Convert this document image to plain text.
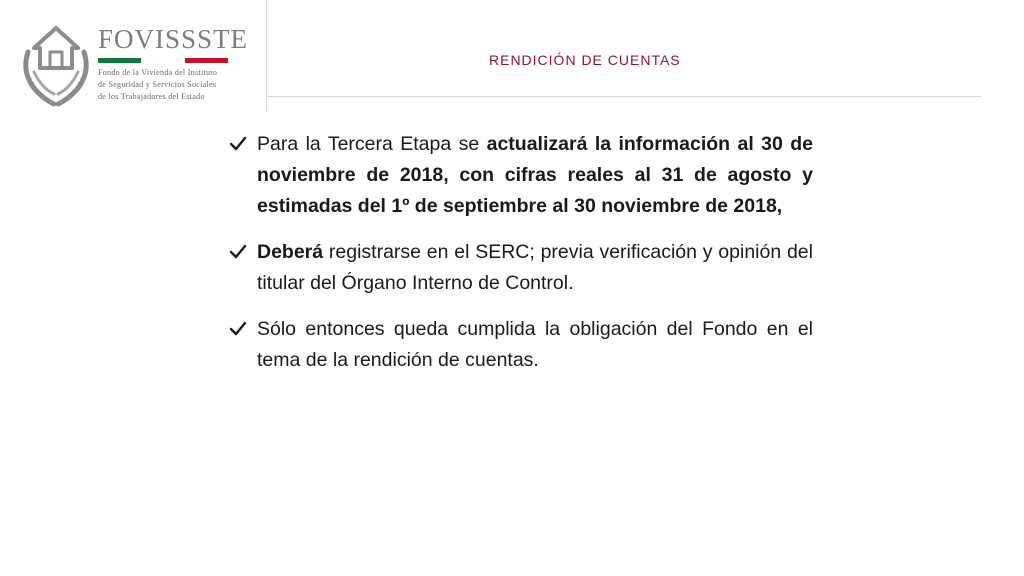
FOVISSSTE
Fondo de la Vivienda del Instituto
de Seguridad y Servicios Sociales
de los Trabajadores del Estado
RENDICIÓN DE CUENTAS
Para la Tercera Etapa se actualizará la información al 30 de noviembre de 2018, con cifras reales al 31 de agosto y estimadas del 1º de septiembre al 30 noviembre de 2018,
Deberá registrarse en el SERC; previa verificación y opinión del titular del Órgano Interno de Control.
Sólo entonces queda cumplida la obligación del Fondo en el tema de la rendición de cuentas.
